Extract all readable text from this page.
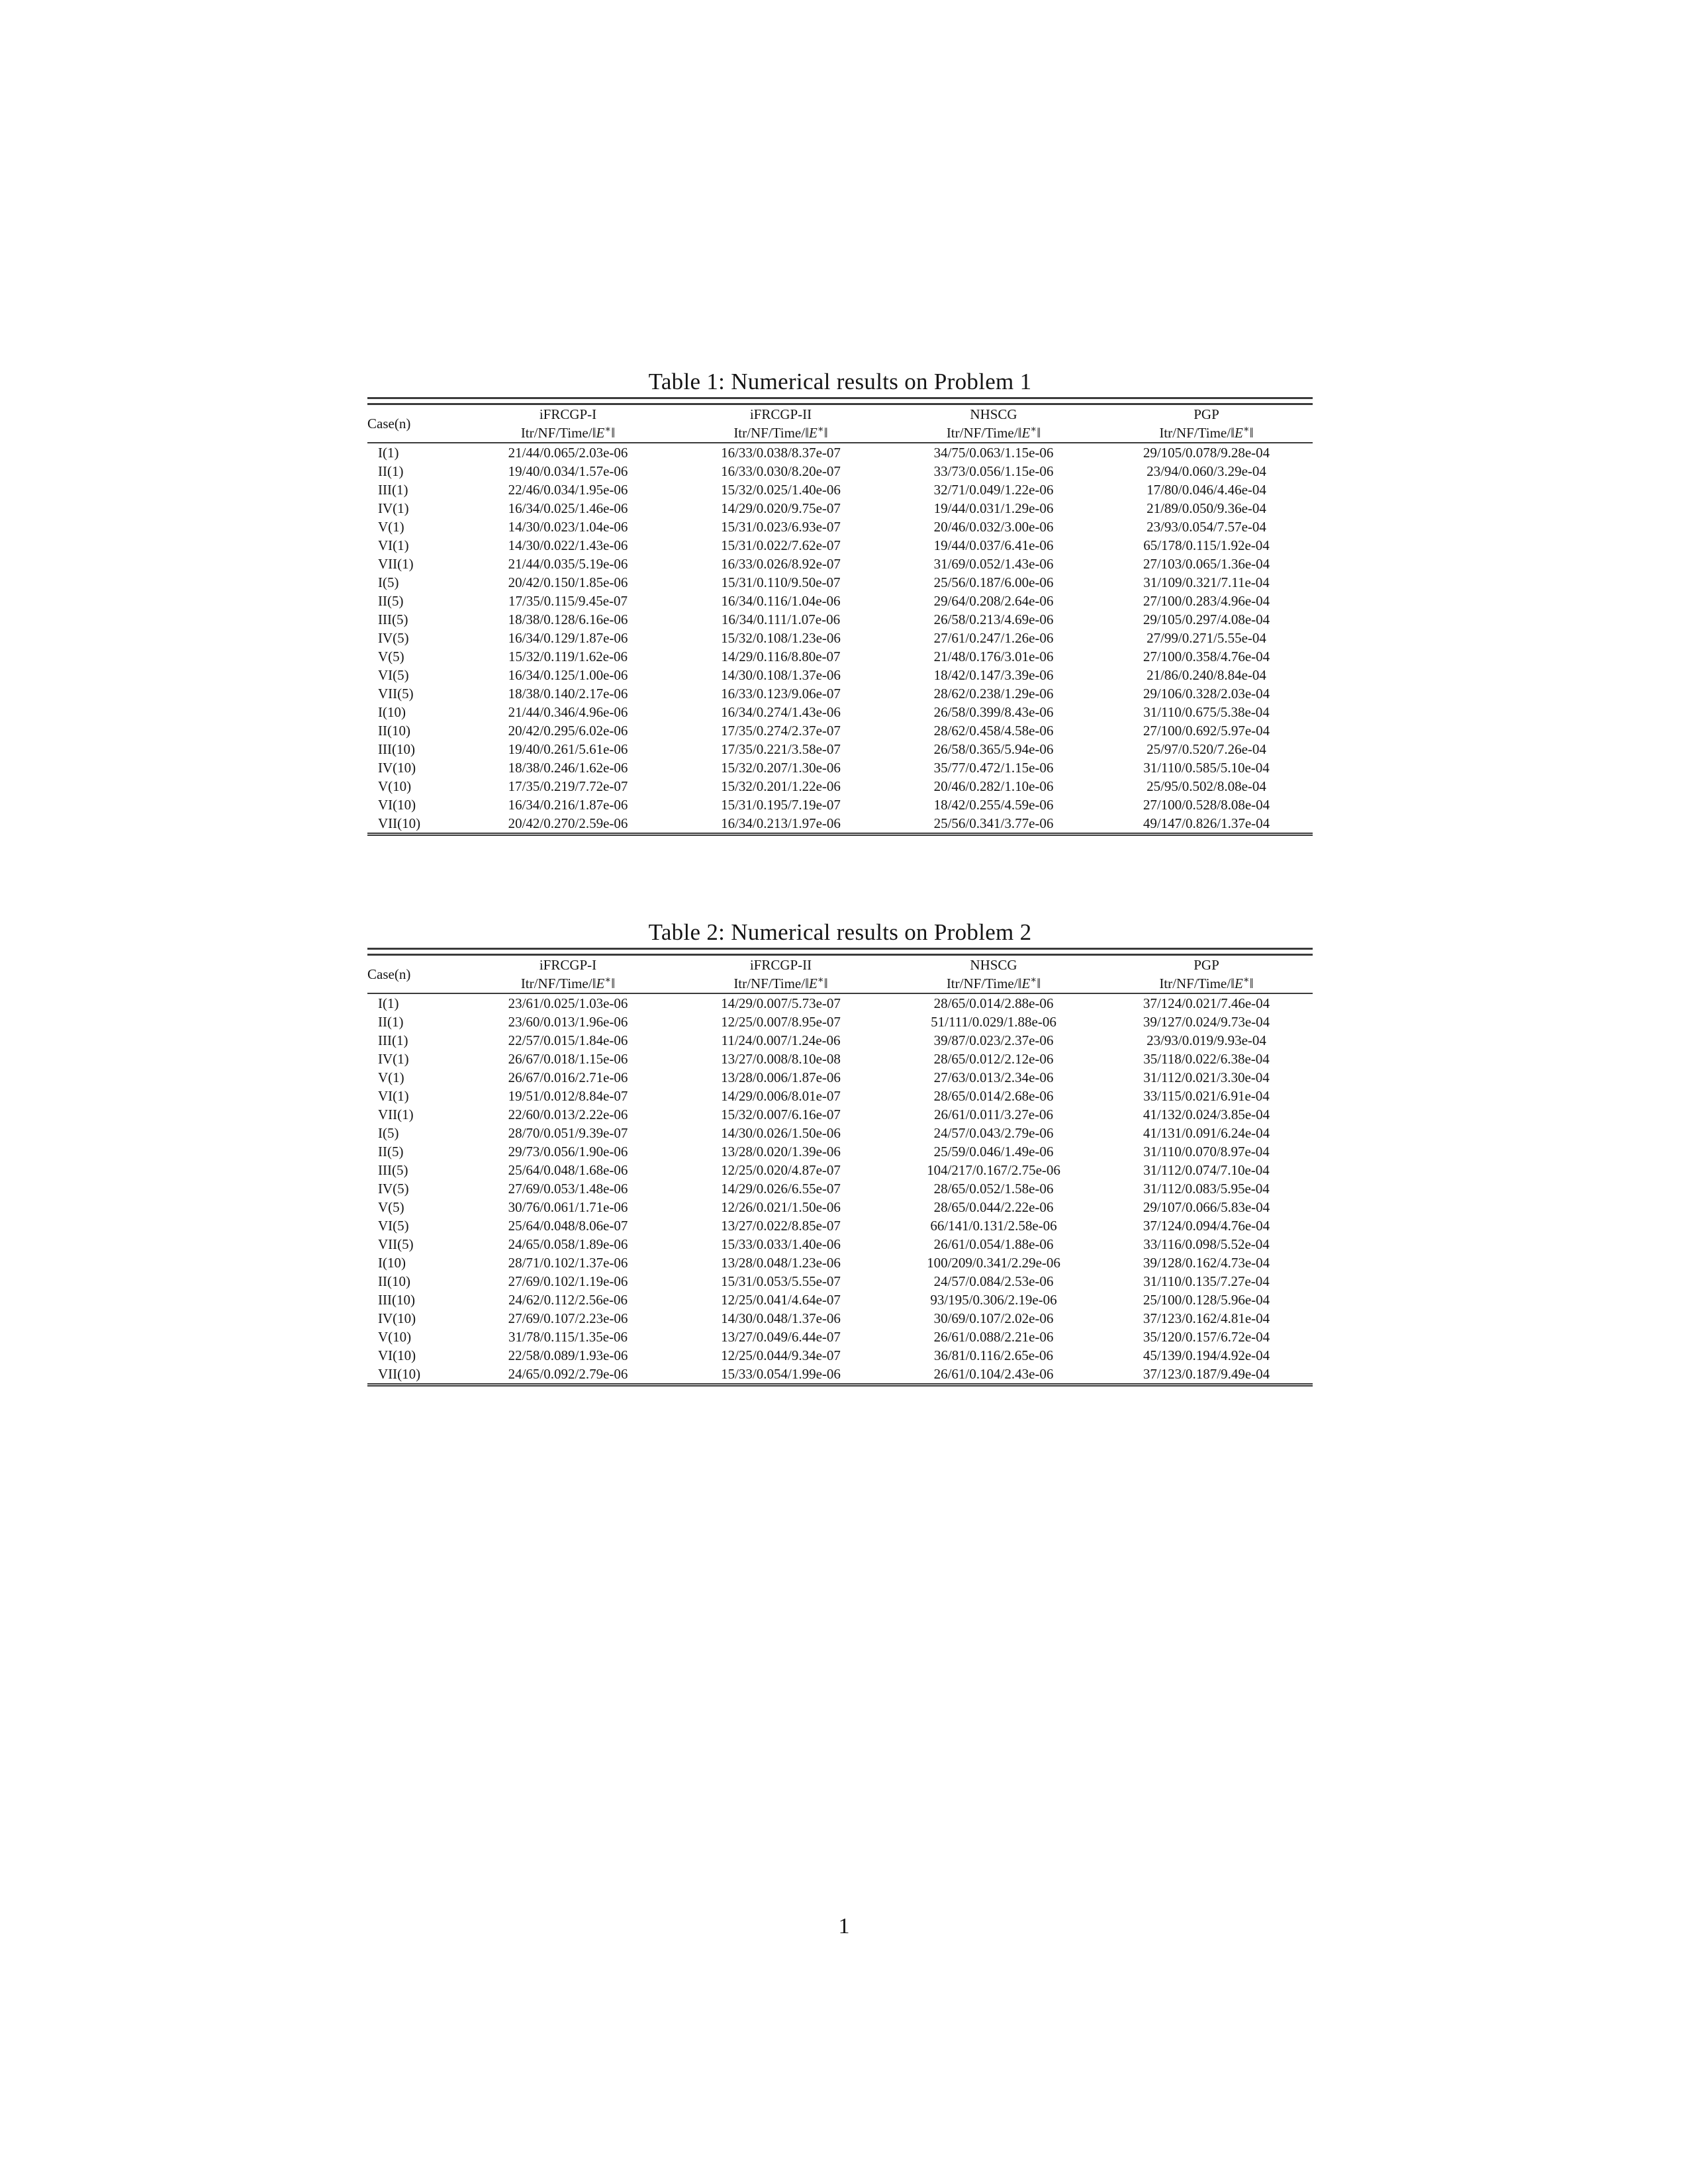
Table 1: Numerical results on Problem 1
Case(n)	iFRCGP-I	iFRCGP-II	NHSCG	PGP
	Itr/NF/Time/‖E∗‖	Itr/NF/Time/‖E∗‖	Itr/NF/Time/‖E∗‖	Itr/NF/Time/‖E∗‖
I(1)	21/44/0.065/2.03e-06	16/33/0.038/8.37e-07	34/75/0.063/1.15e-06	29/105/0.078/9.28e-04
II(1)	19/40/0.034/1.57e-06	16/33/0.030/8.20e-07	33/73/0.056/1.15e-06	23/94/0.060/3.29e-04
III(1)	22/46/0.034/1.95e-06	15/32/0.025/1.40e-06	32/71/0.049/1.22e-06	17/80/0.046/4.46e-04
IV(1)	16/34/0.025/1.46e-06	14/29/0.020/9.75e-07	19/44/0.031/1.29e-06	21/89/0.050/9.36e-04
V(1)	14/30/0.023/1.04e-06	15/31/0.023/6.93e-07	20/46/0.032/3.00e-06	23/93/0.054/7.57e-04
VI(1)	14/30/0.022/1.43e-06	15/31/0.022/7.62e-07	19/44/0.037/6.41e-06	65/178/0.115/1.92e-04
VII(1)	21/44/0.035/5.19e-06	16/33/0.026/8.92e-07	31/69/0.052/1.43e-06	27/103/0.065/1.36e-04
I(5)	20/42/0.150/1.85e-06	15/31/0.110/9.50e-07	25/56/0.187/6.00e-06	31/109/0.321/7.11e-04
II(5)	17/35/0.115/9.45e-07	16/34/0.116/1.04e-06	29/64/0.208/2.64e-06	27/100/0.283/4.96e-04
III(5)	18/38/0.128/6.16e-06	16/34/0.111/1.07e-06	26/58/0.213/4.69e-06	29/105/0.297/4.08e-04
IV(5)	16/34/0.129/1.87e-06	15/32/0.108/1.23e-06	27/61/0.247/1.26e-06	27/99/0.271/5.55e-04
V(5)	15/32/0.119/1.62e-06	14/29/0.116/8.80e-07	21/48/0.176/3.01e-06	27/100/0.358/4.76e-04
VI(5)	16/34/0.125/1.00e-06	14/30/0.108/1.37e-06	18/42/0.147/3.39e-06	21/86/0.240/8.84e-04
VII(5)	18/38/0.140/2.17e-06	16/33/0.123/9.06e-07	28/62/0.238/1.29e-06	29/106/0.328/2.03e-04
I(10)	21/44/0.346/4.96e-06	16/34/0.274/1.43e-06	26/58/0.399/8.43e-06	31/110/0.675/5.38e-04
II(10)	20/42/0.295/6.02e-06	17/35/0.274/2.37e-07	28/62/0.458/4.58e-06	27/100/0.692/5.97e-04
III(10)	19/40/0.261/5.61e-06	17/35/0.221/3.58e-07	26/58/0.365/5.94e-06	25/97/0.520/7.26e-04
IV(10)	18/38/0.246/1.62e-06	15/32/0.207/1.30e-06	35/77/0.472/1.15e-06	31/110/0.585/5.10e-04
V(10)	17/35/0.219/7.72e-07	15/32/0.201/1.22e-06	20/46/0.282/1.10e-06	25/95/0.502/8.08e-04
VI(10)	16/34/0.216/1.87e-06	15/31/0.195/7.19e-07	18/42/0.255/4.59e-06	27/100/0.528/8.08e-04
VII(10)	20/42/0.270/2.59e-06	16/34/0.213/1.97e-06	25/56/0.341/3.77e-06	49/147/0.826/1.37e-04
Table 2: Numerical results on Problem 2
Case(n)	iFRCGP-I	iFRCGP-II	NHSCG	PGP
	Itr/NF/Time/‖E∗‖	Itr/NF/Time/‖E∗‖	Itr/NF/Time/‖E∗‖	Itr/NF/Time/‖E∗‖
I(1)	23/61/0.025/1.03e-06	14/29/0.007/5.73e-07	28/65/0.014/2.88e-06	37/124/0.021/7.46e-04
II(1)	23/60/0.013/1.96e-06	12/25/0.007/8.95e-07	51/111/0.029/1.88e-06	39/127/0.024/9.73e-04
III(1)	22/57/0.015/1.84e-06	11/24/0.007/1.24e-06	39/87/0.023/2.37e-06	23/93/0.019/9.93e-04
IV(1)	26/67/0.018/1.15e-06	13/27/0.008/8.10e-08	28/65/0.012/2.12e-06	35/118/0.022/6.38e-04
V(1)	26/67/0.016/2.71e-06	13/28/0.006/1.87e-06	27/63/0.013/2.34e-06	31/112/0.021/3.30e-04
VI(1)	19/51/0.012/8.84e-07	14/29/0.006/8.01e-07	28/65/0.014/2.68e-06	33/115/0.021/6.91e-04
VII(1)	22/60/0.013/2.22e-06	15/32/0.007/6.16e-07	26/61/0.011/3.27e-06	41/132/0.024/3.85e-04
I(5)	28/70/0.051/9.39e-07	14/30/0.026/1.50e-06	24/57/0.043/2.79e-06	41/131/0.091/6.24e-04
II(5)	29/73/0.056/1.90e-06	13/28/0.020/1.39e-06	25/59/0.046/1.49e-06	31/110/0.070/8.97e-04
III(5)	25/64/0.048/1.68e-06	12/25/0.020/4.87e-07	104/217/0.167/2.75e-06	31/112/0.074/7.10e-04
IV(5)	27/69/0.053/1.48e-06	14/29/0.026/6.55e-07	28/65/0.052/1.58e-06	31/112/0.083/5.95e-04
V(5)	30/76/0.061/1.71e-06	12/26/0.021/1.50e-06	28/65/0.044/2.22e-06	29/107/0.066/5.83e-04
VI(5)	25/64/0.048/8.06e-07	13/27/0.022/8.85e-07	66/141/0.131/2.58e-06	37/124/0.094/4.76e-04
VII(5)	24/65/0.058/1.89e-06	15/33/0.033/1.40e-06	26/61/0.054/1.88e-06	33/116/0.098/5.52e-04
I(10)	28/71/0.102/1.37e-06	13/28/0.048/1.23e-06	100/209/0.341/2.29e-06	39/128/0.162/4.73e-04
II(10)	27/69/0.102/1.19e-06	15/31/0.053/5.55e-07	24/57/0.084/2.53e-06	31/110/0.135/7.27e-04
III(10)	24/62/0.112/2.56e-06	12/25/0.041/4.64e-07	93/195/0.306/2.19e-06	25/100/0.128/5.96e-04
IV(10)	27/69/0.107/2.23e-06	14/30/0.048/1.37e-06	30/69/0.107/2.02e-06	37/123/0.162/4.81e-04
V(10)	31/78/0.115/1.35e-06	13/27/0.049/6.44e-07	26/61/0.088/2.21e-06	35/120/0.157/6.72e-04
VI(10)	22/58/0.089/1.93e-06	12/25/0.044/9.34e-07	36/81/0.116/2.65e-06	45/139/0.194/4.92e-04
VII(10)	24/65/0.092/2.79e-06	15/33/0.054/1.99e-06	26/61/0.104/2.43e-06	37/123/0.187/9.49e-04
1
